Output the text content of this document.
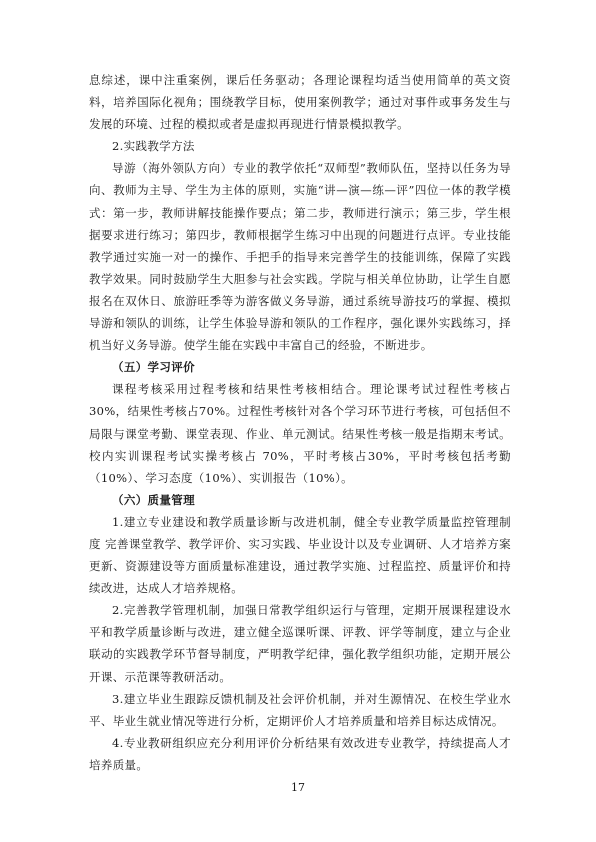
息综述，课中注重案例，课后任务驱动；各理论课程均适当使用简单的英文资料，培养国际化视角；围绕教学目标，使用案例教学；通过对事件或事务发生与发展的环境、过程的模拟或者是虚拟再现进行情景模拟教学。

2.实践教学方法

导游（海外领队方向）专业的教学依托“双师型”教师队伍，坚持以任务为导向、教师为主导、学生为主体的原则，实施“讲—演—练—评”四位一体的教学模式：第一步，教师讲解技能操作要点；第二步，教师进行演示；第三步，学生根据要求进行练习；第四步，教师根据学生练习中出现的问题进行点评。专业技能教学通过实施一对一的操作、手把手的指导来完善学生的技能训练，保障了实践教学效果。同时鼓励学生大胆参与社会实践。学院与相关单位协助，让学生自愿报名在双休日、旅游旺季等为游客做义务导游，通过系统导游技巧的掌握、模拟导游和领队的训练，让学生体验导游和领队的工作程序，强化课外实践练习，择机当好义务导游。使学生能在实践中丰富自己的经验，不断进步。

（五）学习评价

课程考核采用过程考核和结果性考核相结合。理论课考试过程性考核占30%，结果性考核占70%。过程性考核针对各个学习环节进行考核，可包括但不局限与课堂考勤、课堂表现、作业、单元测试。结果性考核一般是指期末考试。校内实训课程考试实操考核占 70%，平时考核占30%，平时考核包括考勤（10%）、学习态度（10%）、实训报告（10%）。

（六）质量管理

1.建立专业建设和教学质量诊断与改进机制，健全专业教学质量监控管理制度 完善课堂教学、教学评价、实习实践、毕业设计以及专业调研、人才培养方案更新、资源建设等方面质量标准建设，通过教学实施、过程监控、质量评价和持续改进，达成人才培养规格。

2.完善教学管理机制，加强日常教学组织运行与管理，定期开展课程建设水平和教学质量诊断与改进，建立健全巡课听课、评教、评学等制度，建立与企业联动的实践教学环节督导制度，严明教学纪律，强化教学组织功能，定期开展公开课、示范课等教研活动。

3.建立毕业生跟踪反馈机制及社会评价机制，并对生源情况、在校生学业水平、毕业生就业情况等进行分析，定期评价人才培养质量和培养目标达成情况。

4.专业教研组织应充分利用评价分析结果有效改进专业教学，持续提高人才培养质量。

17
